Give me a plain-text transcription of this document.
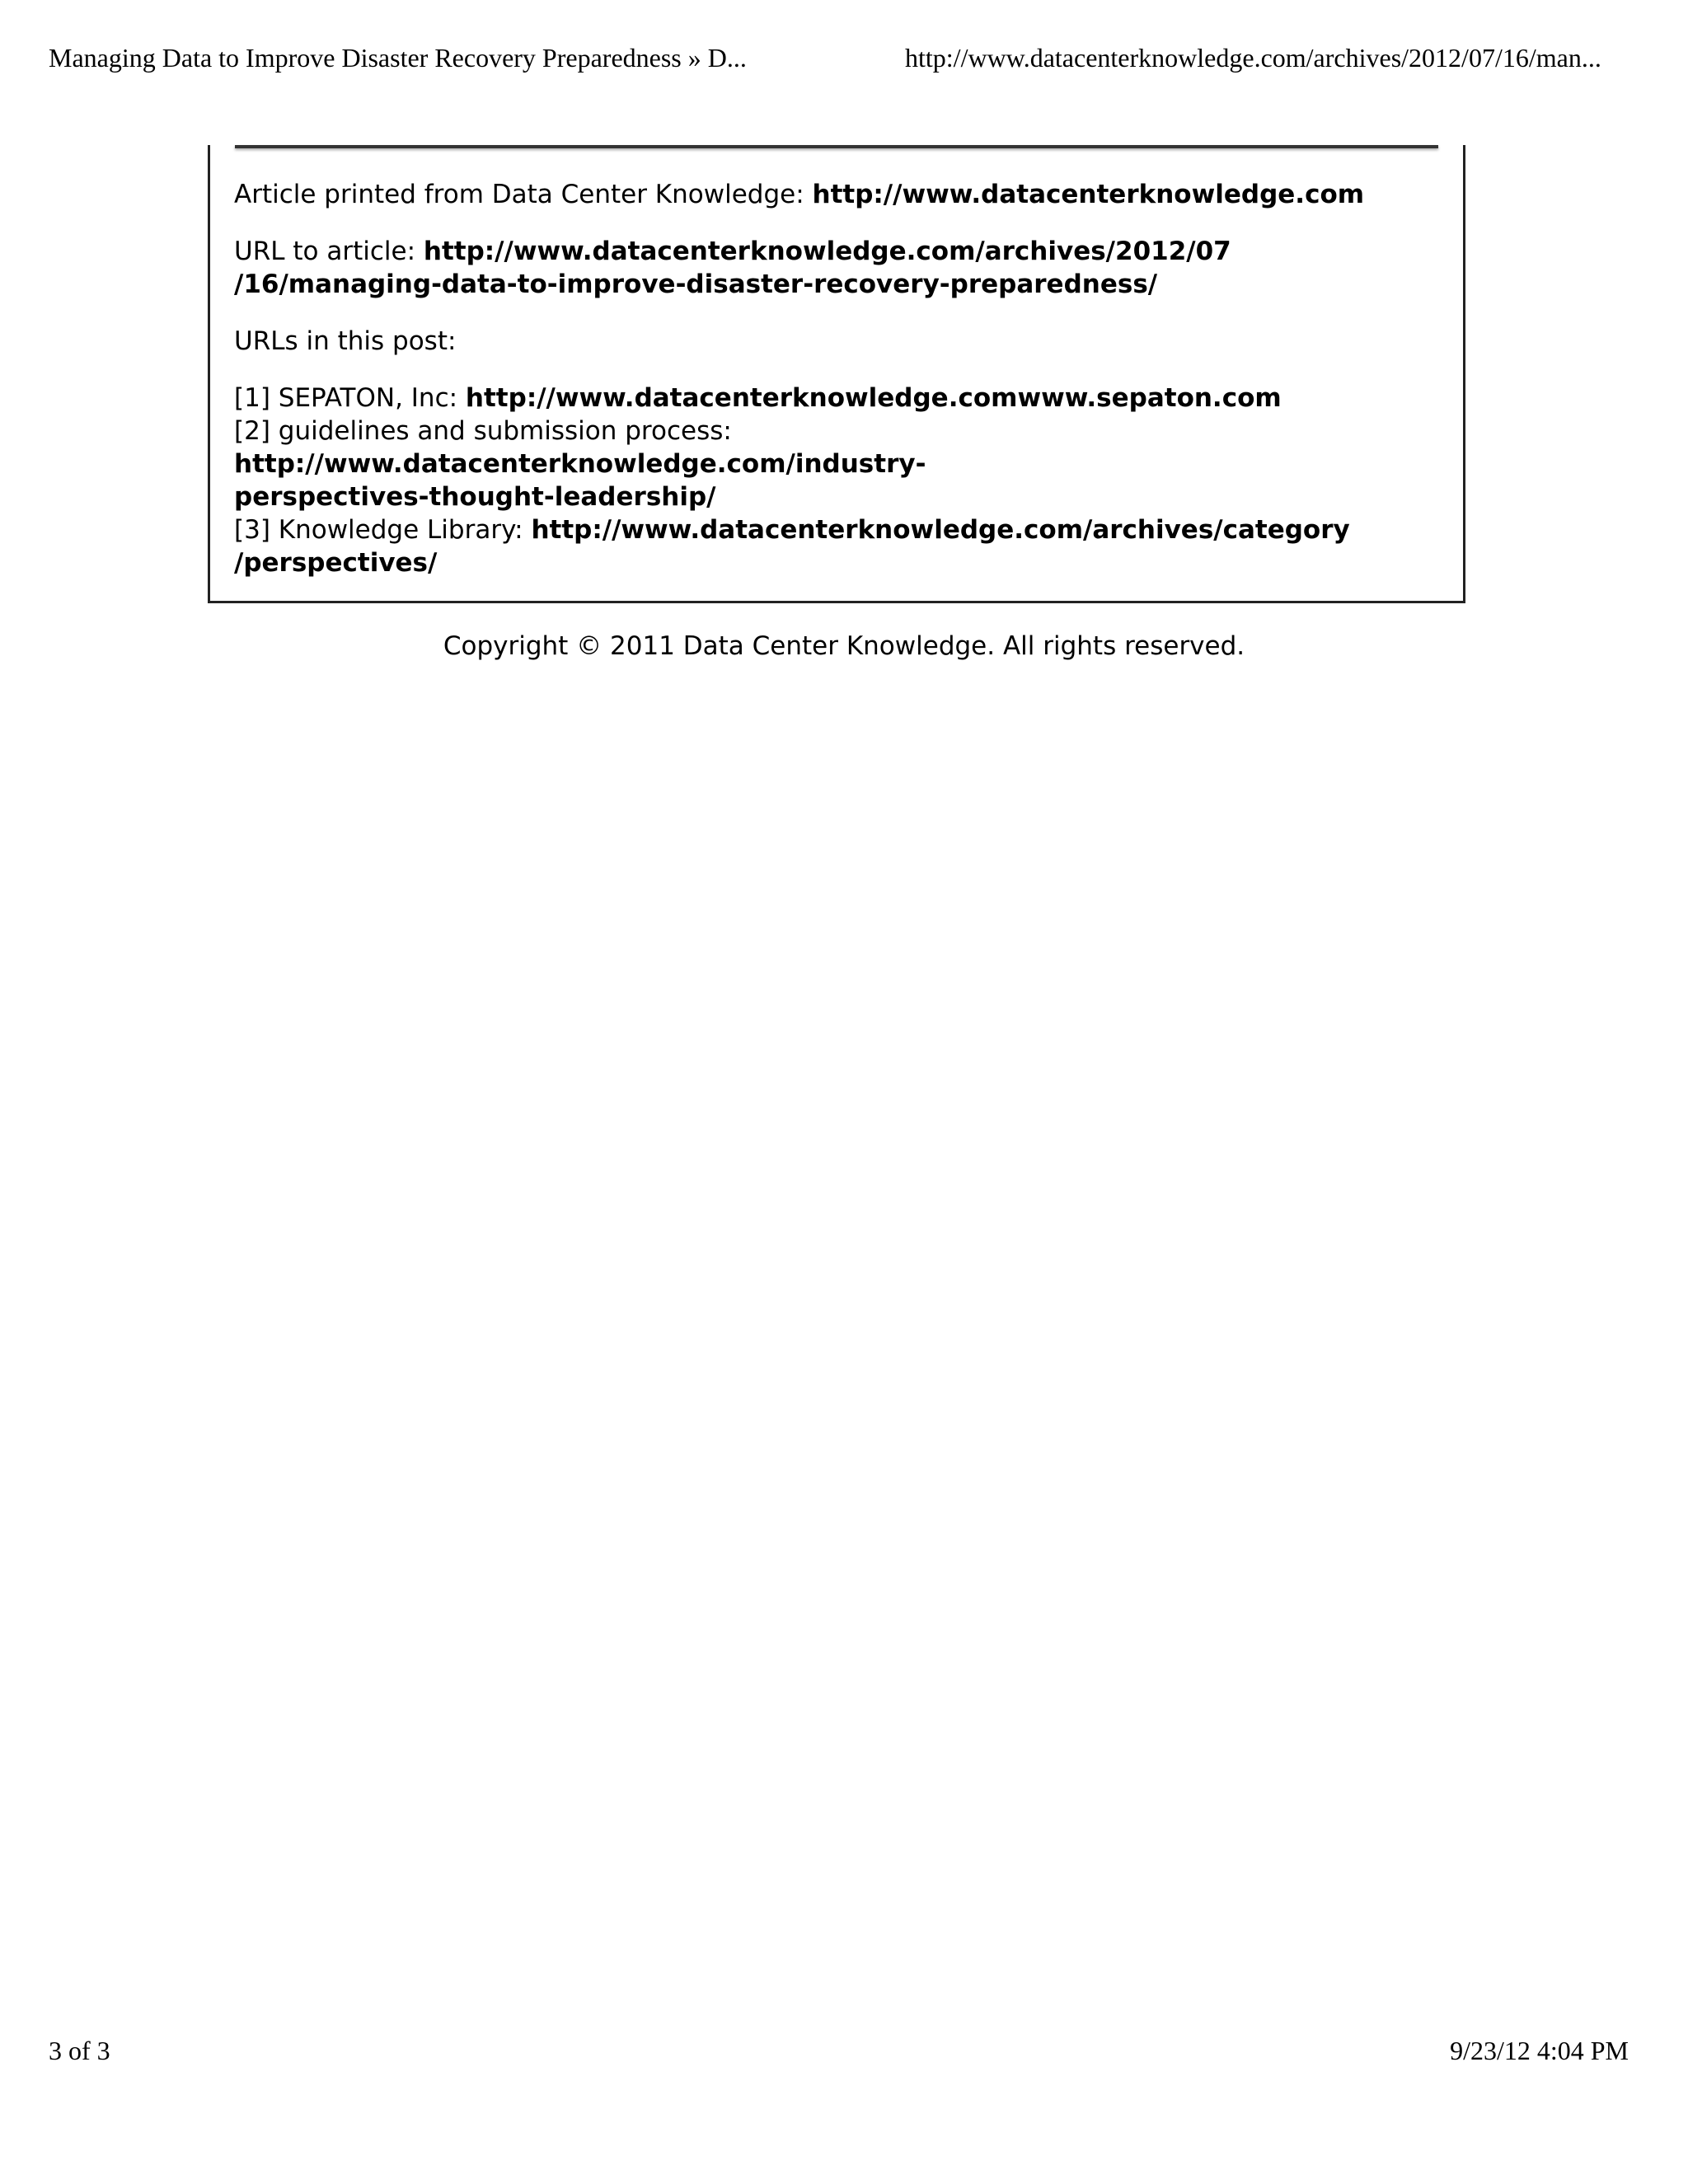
Managing Data to Improve Disaster Recovery Preparedness » D...	http://www.datacenterknowledge.com/archives/2012/07/16/man...

Article printed from Data Center Knowledge: http://www.datacenterknowledge.com

URL to article: http://www.datacenterknowledge.com/archives/2012/07

/16/managing-data-to-improve-disaster-recovery-preparedness/

URLs in this post:

[1] SEPATON, Inc: http://www.datacenterknowledge.comwww.sepaton.com

[2] guidelines and submission process: http://www.datacenterknowledge.com/industry-

perspectives-thought-leadership/

[3] Knowledge Library: http://www.datacenterknowledge.com/archives/category

/perspectives/

Copyright © 2011 Data Center Knowledge. All rights reserved.
3 of 3	9/23/12 4:04 PM
